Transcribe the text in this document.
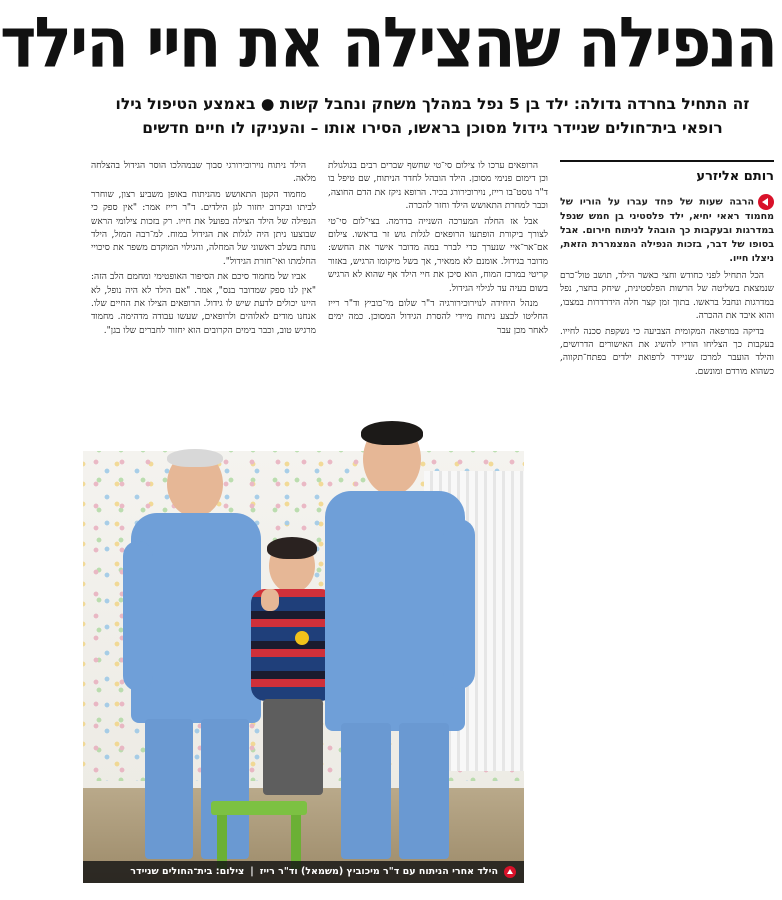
הנפילה שהצילה את חיי הילד
זה התחיל בחרדה גדולה: ילד בן 5 נפל במהלך משחק ונחבל קשות ● באמצע הטיפול גילו
רופאי בית־חולים שניידר גידול מסוכן בראשו, הסירו אותו – והעניקו לו חיים חדשים
רותם אליזרע

הרבה שעות של פחד עברו על הוריו של מחמוד ראאי יחיא, ילד פלסטיני בן חמש שנפל במדרגות ובעקבות כך הובהל לניתוח חירום. אבל בסופו של דבר, בזכות הנפילה המצמררת הזאת, ניצלו חייו.

הכל התחיל לפני כחודש וחצי כאשר הילד, תושב טול־כרם שנמצאת בשליטה של הרשות הפלסטינית, שיחק בחצר, נפל במדרגות ונחבל בראשו. בתוך זמן קצר חלה הידרדרות במצבו, והוא איבד את ההכרה.

בדיקה במרפאה המקומית הצביעה כי נשקפת סכנה לחייו. בעקבות כך הצליחו הוריו להשיג את האישורים הדרושים, והילד הועבר למרכז שניידר לרפואת ילדים בפתח־תקווה, כשהוא מורדם ומונשם.

הרופאים ערכו לו צילום סי־טי שחשף שברים רבים בגולגולת וכן דימום פנימי מסוכן. הילד הובהל לחדר הניתוח, שם טיפל בו ד"ר גוסט־בו רייז, נוירוכירורג בכיר. הרופא ניקז את הדם החוצה, וכבר למחרת התאושש הילד וחזר להכרה.

אבל אז החלה המערכה השנייה בדרמה. בצי־לום סי־טי לצורך ביקורת הופתעו הרופאים לגלות גוש זר בראשו. צילום אם־אר־איי שנערך כדי לברר במה מדובר אישר את החשש: מדובר בגידול. אומנם לא ממאיר, אך בשל מיקומו הרגיש, באזור קריטי במרכז המוח, הוא סיכן את חיי הילד אף שהוא לא הרגיש בשום בעיה עד לגילוי הגידול.

מנהל היחידה לנוירוכירורגיה ד"ר שלום מי־כוביץ וד"ר רייז החליטו לבצע ניתוח מיידי להסרת הגידול המסוכן. כמה ימים לאחר מכן עבר

הילד ניתוח נוירוכירורגי סבוך שבמהלכו הוסר הגידול בהצלחה מלאה.

מחמוד הקטן התאושש מהניתוח באופן משביע רצון, שוחרר לביתו ובקרוב יחזור לגן הילדים. ד"ר רייז אמר: "אין ספק כי הנפילה של הילד הצילה בפועל את חייו. רק בזכות צילומי הראש שבוצעו ניתן היה לגלות את הגידול במוח. למ־רבה המזל, הילד נותח בשלב ראשוני של המחלה, והגילוי המוקדם משפר את סיכויי החלמתו ואי־חזרת הגידול".

אביו של מחמוד סיכם את הסיפור האופטימי ומחמם הלב הזה: "אין לנו ספק שמדובר בנס", אמר. "אם הילד לא היה נופל, לא היינו יכולים לדעת שיש לו גידול. הרופאים הצילו את החיים שלו. אנחנו מודים לאלוהים ולרופאים, שעשו עבודה מדהימה. מחמוד מרגיש טוב, וכבר בימים הקרובים הוא יחזור לחברים שלו בגן".

הילד אחרי הניתוח עם ד"ר מיכוביץ (משמאל) וד"ר רייז
|
צילום: בית־החולים שניידר
